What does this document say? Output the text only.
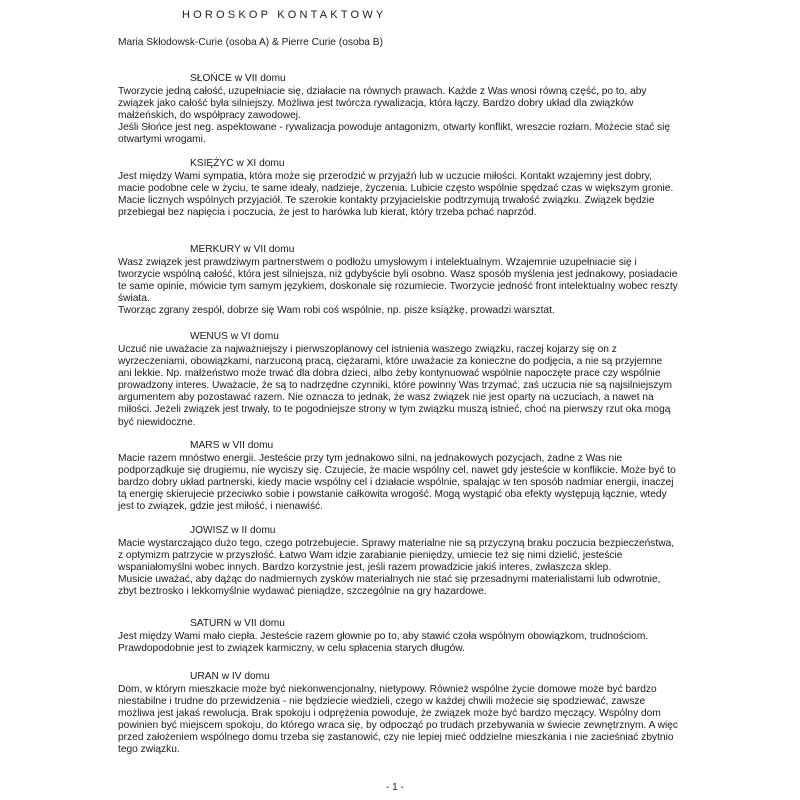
HOROSKOP KONTAKTOWY
Maria Skłodowsk-Curie (osoba A) & Pierre Curie (osoba B)
SŁOŃCE w VII domu

Tworzycie jedną całość, uzupełniacie się, działacie na równych prawach. Każde z Was wnosi równą część, po to, aby związek jako całość była silniejszy. Możliwa jest twórcza rywalizacja, która łączy. Bardzo dobry układ dla związków małżeńskich, do współpracy zawodowej.

Jeśli Słońce jest neg. aspektowane - rywalizacja powoduje antagonizm, otwarty konflikt, wreszcie rozłam. Możecie stać się otwartymi wrogami.

KSIĘŻYC w XI domu

Jest między Wami sympatia, która może się przerodzić w przyjaźń lub w uczucie miłości. Kontakt wzajemny jest dobry, macie podobne cele w życiu, te same ideały, nadzieje, życzenia. Lubicie często wspólnie spędzać czas w większym gronie. Macie licznych wspólnych przyjaciół. Te szerokie kontakty przyjacielskie podtrzymują trwałość związku. Związek będzie przebiegał bez napięcia i poczucia, że jest to harówka lub kierat, który trzeba pchać naprzód.

MERKURY w VII domu

Wasz związek jest prawdziwym partnerstwem o podłożu umysłowym i intelektualnym. Wzajemnie uzupełniacie się i tworzycie wspólną całość, która jest silniejsza, niż gdybyście byli osobno. Wasz sposób myślenia jest jednakowy, posiadacie te same opinie, mówicie tym samym językiem, doskonale się rozumiecie. Tworzycie jedność front intelektualny wobec reszty świata.

Tworząc zgrany zespół, dobrze się Wam robi coś wspólnie, np. pisze książkę, prowadzi warsztat.

WENUS w VI domu

Uczuć nie uważacie za najważniejszy i pierwszoplanowy cel istnienia waszego związku, raczej kojarzy się on z wyrzeczeniami, obowiązkami, narzuconą pracą, ciężarami, które uważacie za konieczne do podjęcia, a nie są przyjemne ani lekkie. Np. małżeństwo może trwać dla dobra dzieci, albo żeby kontynuować wspólnie napoczęte prace czy wspólnie prowadzony interes. Uważacie, że są to nadrzędne czynniki, które powinny Was trzymać, zaś uczucia nie są najsilniejszym argumentem aby pozostawać razem. Nie oznacza to jednak, że wasz związek nie jest oparty na uczuciach, a nawet na miłości. Jeżeli związek jest trwały, to te pogodniejsze strony w tym związku muszą istnieć, choć na pierwszy rzut oka mogą być niewidoczne.

MARS w VII domu

Macie razem mnóstwo energii. Jesteście przy tym jednakowo silni, na jednakowych pozycjach, żadne z Was nie podporządkuje się drugiemu, nie wyciszy się. Czujecie, że macie wspólny cel, nawet gdy jesteście w konflikcie. Może być to bardzo dobry układ partnerski, kiedy macie wspólny cel i działacie wspólnie, spalając w ten sposób nadmiar energii, inaczej tą energię skierujecie przeciwko sobie i powstanie całkowita wrogość. Mogą wystąpić oba efekty występują łącznie, wtedy jest to związek, gdzie jest miłość, i nienawiść.

JOWISZ w II domu

Macie wystarczająco dużo tego, czego potrzebujecie. Sprawy materialne nie są przyczyną braku poczucia bezpieczeństwa, z optymizm patrzycie w przyszłość. Łatwo Wam idzie zarabianie pieniędzy, umiecie też się nimi dzielić, jesteście wspaniałomyślni wobec innych. Bardzo korzystnie jest, jeśli razem prowadzicie jakiś interes, zwłaszcza sklep.

Musicie uważać, aby dążąc do nadmiernych zysków materialnych nie stać się przesadnymi materialistami lub odwrotnie, zbyt beztrosko i lekkomyślnie wydawać pieniądze, szczególnie na gry hazardowe.

SATURN w VII domu

Jest między Wami mało ciepła. Jesteście razem głownie po to, aby stawić czoła wspólnym obowiązkom, trudnościom. Prawdopodobnie jest to związek karmiczny, w celu spłacenia starych długów.

URAN w IV domu

Dom, w którym mieszkacie może być niekonwencjonalny, nietypowy. Również wspólne życie domowe może być bardzo niestabilne i trudne do przewidzenia - nie będziecie wiedzieli, czego w każdej chwili możecie się spodziewać, zawsze możliwa jest jakaś rewolucja. Brak spokoju i odprężenia powoduje, że związek może być bardzo męczący. Wspólny dom powinien być miejscem spokoju, do którego wraca się, by odpocząć po trudach przebywania w świecie zewnętrznym. A więc przed założeniem wspólnego domu trzeba się zastanowić, czy nie lepiej mieć oddzielne mieszkania i nie zacieśniać zbytnio tego związku.

- 1 -
